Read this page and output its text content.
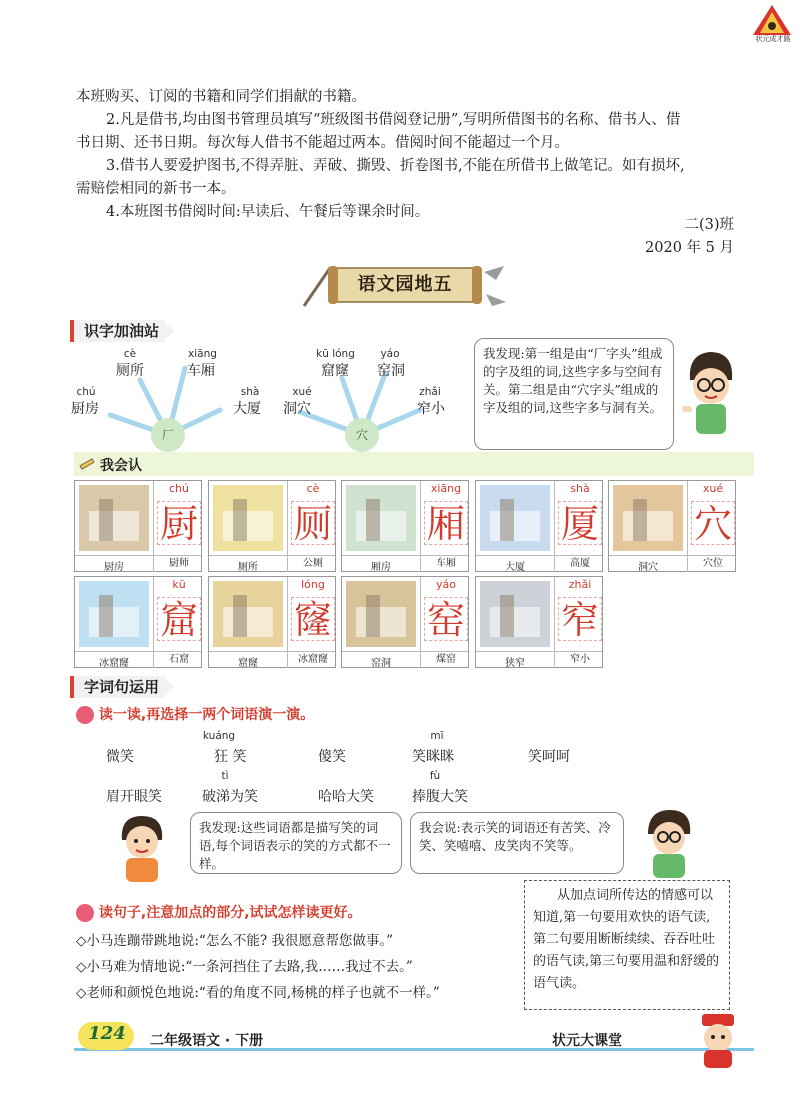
状元成才路
本班购买、订阅的书籍和同学们捐献的书籍。
2.凡是借书,均由图书管理员填写“班级图书借阅登记册”,写明所借图书的名称、借书人、借
书日期、还书日期。每次每人借书不能超过两本。借阅时间不能超过一个月。
3.借书人要爱护图书,不得弄脏、弄破、撕毁、折卷图书,不能在所借书上做笔记。如有损坏,
需赔偿相同的新书一本。
4.本班图书借阅时间:早读后、午餐后等课余时间。
二(3)班
2020 年 5 月
语文园地五
识字加油站
厂	穴
cè
厕所
xiāng
车厢
chú
厨房
shà
大厦
kū lóng
窟窿
yáo
窑洞
xué
洞穴
zhǎi
窄小
我发现:第一组是由“厂字头”组成的字及组的词,这些字多与空间有关。第二组是由“穴字头”组成的字及组的词,这些字多与洞有关。
我会认
chú
厨
厨房	厨师
cè
厕
厕所	公厕
xiāng
厢
厢房	车厢
shà
厦
大厦	高厦
xué
穴
洞穴	穴位
kū
窟
冰窟窿	石窟
lóng
窿
窟窿	冰窟窿
yáo
窑
窑洞	煤窑
zhǎi
窄
狭窄	窄小
字词句运用
读一读,再选择一两个词语演一演。
微笑
kuáng
狂 笑	傻笑
mī
笑眯眯	笑呵呵
tì
眉开眼笑	破涕为笑	哈哈大笑
fù
捧腹大笑
我发现:这些词语都是描写笑的词语,每个词语表示的笑的方式都不一样。
我会说:表示笑的词语还有苦笑、冷笑、笑嘻嘻、皮笑肉不笑等。
读句子,注意加点的部分,试试怎样读更好。
◇小马连蹦带跳地说:“怎么不能? 我很愿意帮您做事。”
◇小马难为情地说:“一条河挡住了去路,我……我过不去。”
◇老师和颜悦色地说:“看的角度不同,杨桃的样子也就不一样。”
从加点词所传达的情感可以知道,第一句要用欢快的语气读,第二句要用断断续续、吞吞吐吐的语气读,第三句要用温和舒缓的语气读。
124	二年级语文 · 下册	状元大课堂
